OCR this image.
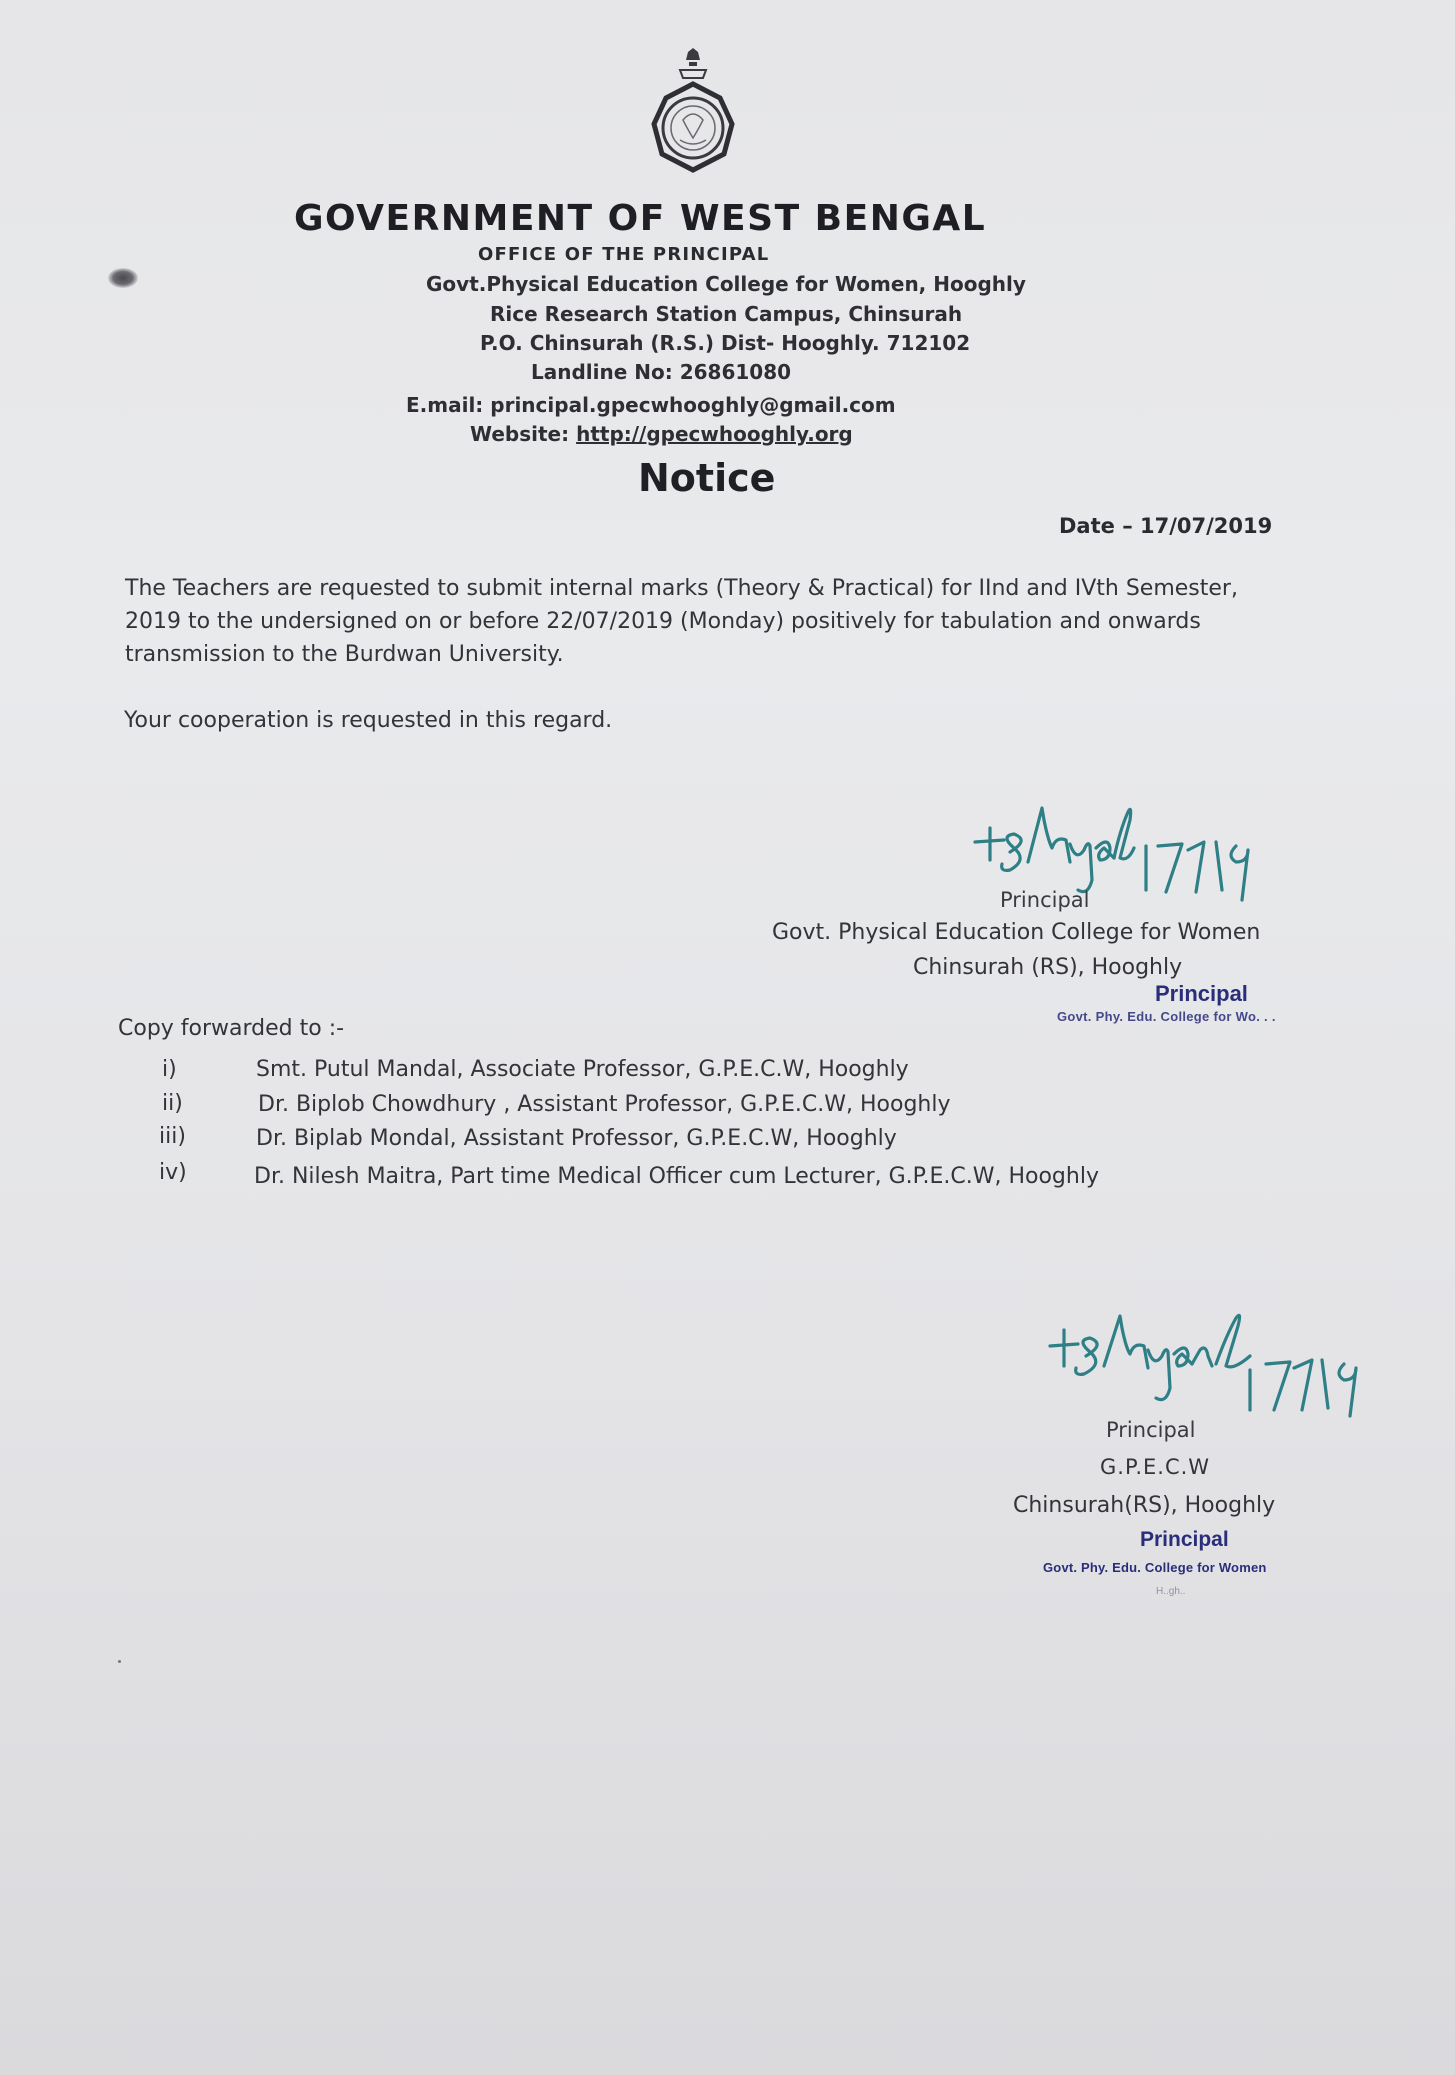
GOVERNMENT OF WEST BENGAL
OFFICE OF THE PRINCIPAL
Govt.Physical Education College for Women, Hooghly
Rice Research Station Campus, Chinsurah
P.O. Chinsurah (R.S.) Dist- Hooghly. 712102
Landline No: 26861080
E.mail: principal.gpecwhooghly@gmail.com
Website: http://gpecwhooghly.org
Notice
Date – 17/07/2019
The Teachers are requested to submit internal marks (Theory & Practical) for IInd and IVth Semester, 2019 to the undersigned on or before 22/07/2019 (Monday) positively for tabulation and onwards transmission to the Burdwan University.
Your cooperation is requested in this regard.
Principal
Govt. Physical Education College for Women
Chinsurah (RS), Hooghly
Principal
Govt. Phy. Edu. College for Wo. . .
Copy forwarded to :-
i)	Smt. Putul Mandal, Associate Professor, G.P.E.C.W, Hooghly
ii)	Dr. Biplob Chowdhury , Assistant Professor, G.P.E.C.W, Hooghly
iii)	Dr. Biplab Mondal, Assistant Professor, G.P.E.C.W, Hooghly
iv)	Dr. Nilesh Maitra, Part time Medical Officer cum Lecturer, G.P.E.C.W, Hooghly
Principal
G.P.E.C.W
Chinsurah(RS), Hooghly
Principal
Govt. Phy. Edu. College for Women
H..gh..
